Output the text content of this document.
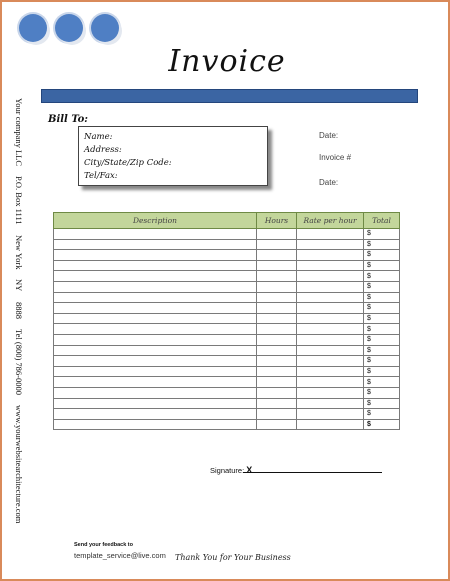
Invoice
Your company LLC
P.O. Box 1111
New York
NY
8888
Tel (800) 786-0000
www.yourwebsitearchitecture.com
Bill To:
Name:
Address:
City/State/Zip Code:
Tel/Fax:
Date:
Invoice #
Date:
Description	Hours	Rate per hour	Total
			$
			$
			$
			$
			$
			$
			$
			$
			$
			$
			$
			$
			$
			$
			$
			$
			$
			$
			$
Signature: X
Send your feedback to
template_service@live.com Thank You for Your Business
